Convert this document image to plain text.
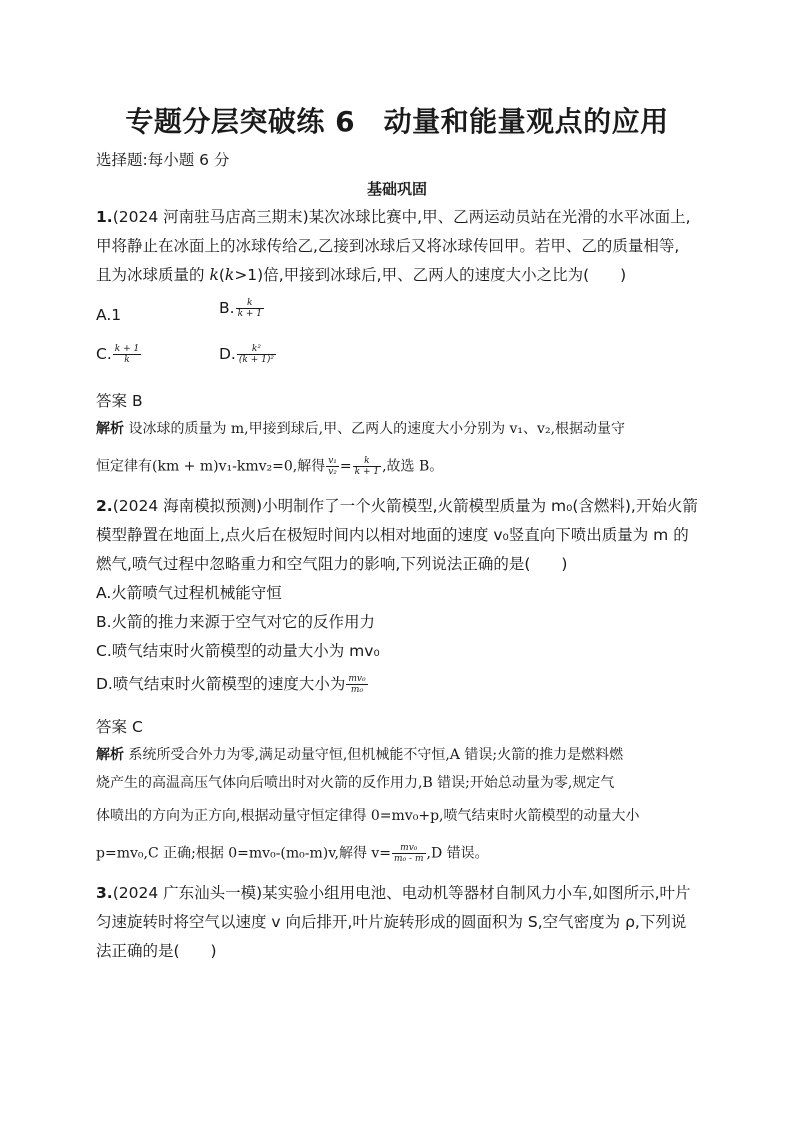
专题分层突破练 6　动量和能量观点的应用
选择题:每小题 6 分
基础巩固
1.(2024 河南驻马店高三期末)某次冰球比赛中,甲、乙两运动员站在光滑的水平冰面上,
甲将静止在冰面上的冰球传给乙,乙接到冰球后又将冰球传回甲。若甲、乙的质量相等,
且为冰球质量的 k(k>1)倍,甲接到冰球后,甲、乙两人的速度大小之比为(　　)
A.1	B. $\frac{k}{k + 1}$
C. $\frac{k + 1}{k}$	D. $\frac{\text{k²}}{\text{(k + 1)²}}$
答案 B
解析 设冰球的质量为 m,甲接到球后,甲、乙两人的速度大小分别为 v₁、v₂,根据动量守
恒定律有(km + m)v₁-kmv₂=0,解得 $\frac{\text{v₁}}{\text{v₂}} = \frac{k}{k + 1}$ ,故选 B。
2.(2024 海南模拟预测)小明制作了一个火箭模型,火箭模型质量为 m₀(含燃料),开始火箭
模型静置在地面上,点火后在极短时间内以相对地面的速度 v₀竖直向下喷出质量为 m 的
燃气,喷气过程中忽略重力和空气阻力的影响,下列说法正确的是(　　)
A.火箭喷气过程机械能守恒
B.火箭的推力来源于空气对它的反作用力
C.喷气结束时火箭模型的动量大小为 mv₀
D.喷气结束时火箭模型的速度大小为 $\frac{\text{mv₀}}{\text{m₀}}$
答案 C
解析 系统所受合外力为零,满足动量守恒,但机械能不守恒,A 错误;火箭的推力是燃料燃
烧产生的高温高压气体向后喷出时对火箭的反作用力,B 错误;开始总动量为零,规定气
体喷出的方向为正方向,根据动量守恒定律得 0=mv₀+p,喷气结束时火箭模型的动量大小
p=mv₀,C 正确;根据 0=mv₀-(m₀-m)v,解得 $v= \frac{\text{mv₀}}{\text{m₀ - m}} ,D$ 错误。
3.(2024 广东汕头一模)某实验小组用电池、电动机等器材自制风力小车,如图所示,叶片
匀速旋转时将空气以速度 v 向后排开,叶片旋转形成的圆面积为 S,空气密度为 ρ,下列说
法正确的是(　　)
